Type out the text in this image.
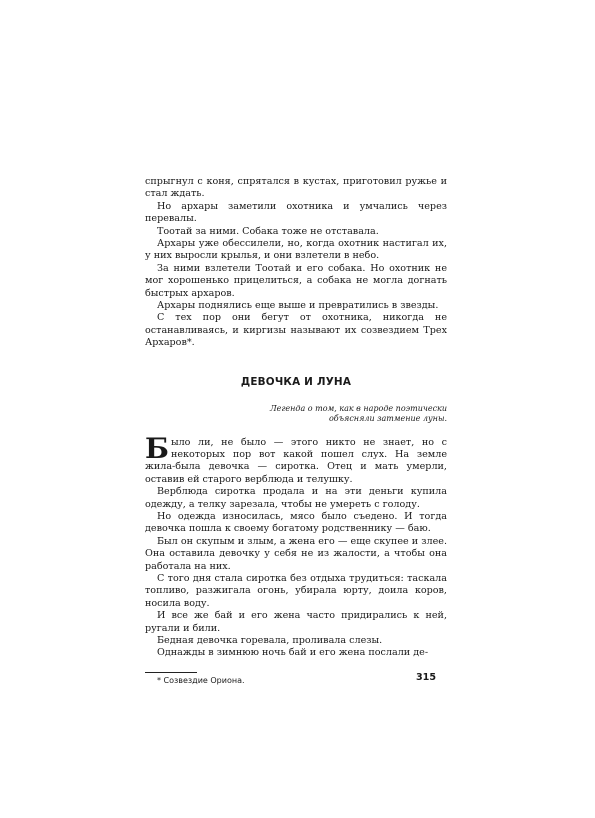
спрыгнул с коня, спрятался в кустах, приготовил ружье и стал ждать.

Но архары заметили охотника и умчались через перевалы.

Тоотай за ними. Собака тоже не отставала.

Архары уже обессилели, но, когда охотник настигал их, у них выросли крылья, и они взлетели в небо.

За ними взлетели Тоотай и его собака. Но охотник не мог хорошенько прицелиться, а собака не могла догнать быстрых архаров.

Архары поднялись еще выше и превратились в звезды.

С тех пор они бегут от охотника, никогда не останавливаясь, и киргизы называют их созвездием Трех Архаров*.

ДЕВОЧКА И ЛУНА
Легенда о том, как в народе поэтически объясняли затмение луны.

Было ли, не было — этого никто не знает, но с некоторых пор вот какой пошел слух. На земле жила-была девочка — сиротка. Отец и мать умерли, оставив ей старого верблюда и телушку.

Верблюда сиротка продала и на эти деньги купила одежду, а телку зарезала, чтобы не умереть с голоду.

Но одежда износилась, мясо было съедено. И тогда девочка пошла к своему богатому родственнику — баю.

Был он скупым и злым, а жена его — еще скупее и злее. Она оставила девочку у себя не из жалости, а чтобы она работала на них.

С того дня стала сиротка без отдыха трудиться: таскала топливо, разжигала огонь, убирала юрту, доила коров, носила воду.

И все же бай и его жена часто придирались к ней, ругали и били.

Бедная девочка горевала, проливала слезы.

Однажды в зимнюю ночь бай и его жена послали де-

* Созвездие Ориона.	315
